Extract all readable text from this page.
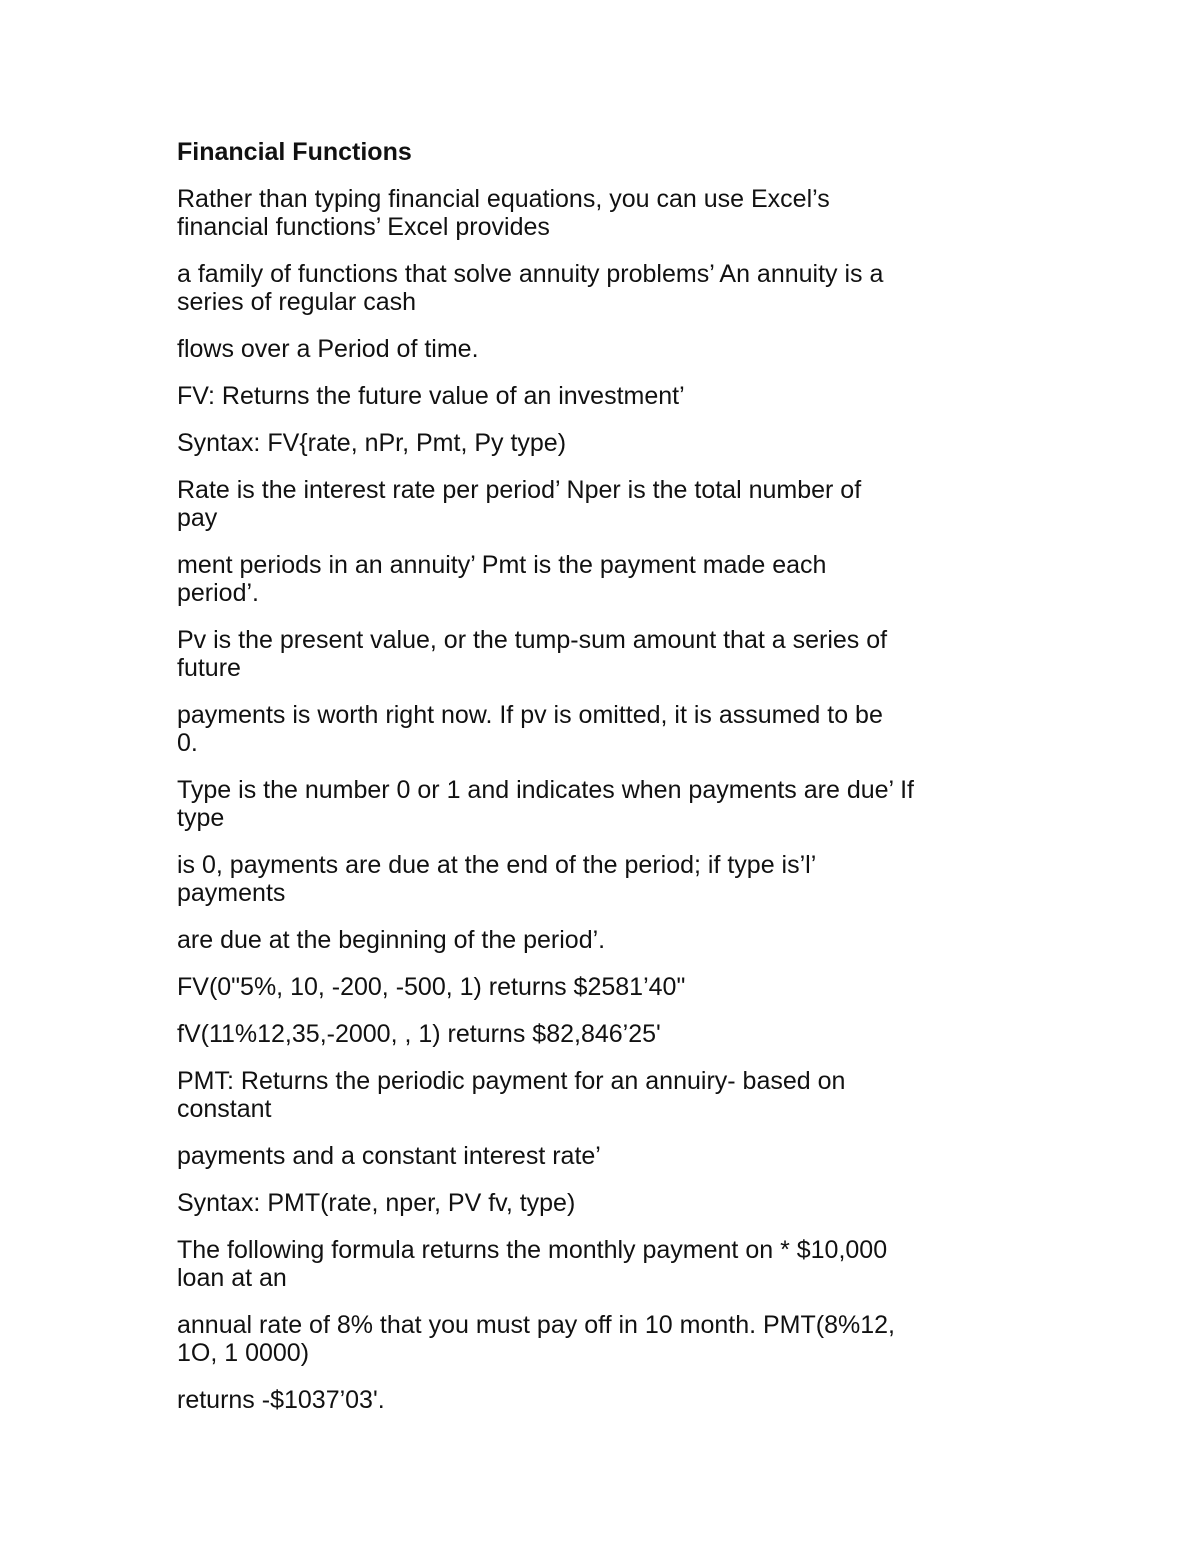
Financial Functions
Rather than typing financial equations, you can use Excel’s
financial functions’ Excel provides
a family of functions that solve annuity problems’ An annuity is a
series of regular cash
flows over a Period of time.
FV: Returns the future value of an investment’
Syntax: FV{rate, nPr, Pmt, Py type)
Rate is the interest rate per period’ Nper is the total number of
pay
ment periods in an annuity’ Pmt is the payment made each
period’.
Pv is the present value, or the tump-sum amount that a series of
future
payments is worth right now. If pv is omitted, it is assumed to be
0.
Type is the number 0 or 1 and indicates when payments are due’ If
type
is 0, payments are due at the end of the period; if type is’l’
payments
are due at the beginning of the period’.
FV(0"5%, 10, -200, -500, 1) returns $2581’40"
fV(11%12,35,-2000, , 1) returns $82,846’25'
PMT: Returns the periodic payment for an annuiry- based on
constant
payments and a constant interest rate’
Syntax: PMT(rate, nper, PV fv, type)
The following formula returns the monthly payment on * $10,000
loan at an
annual rate of 8% that you must pay off in 10 month. PMT(8%12,
1O, 1 0000)
returns -$1037’03'.
